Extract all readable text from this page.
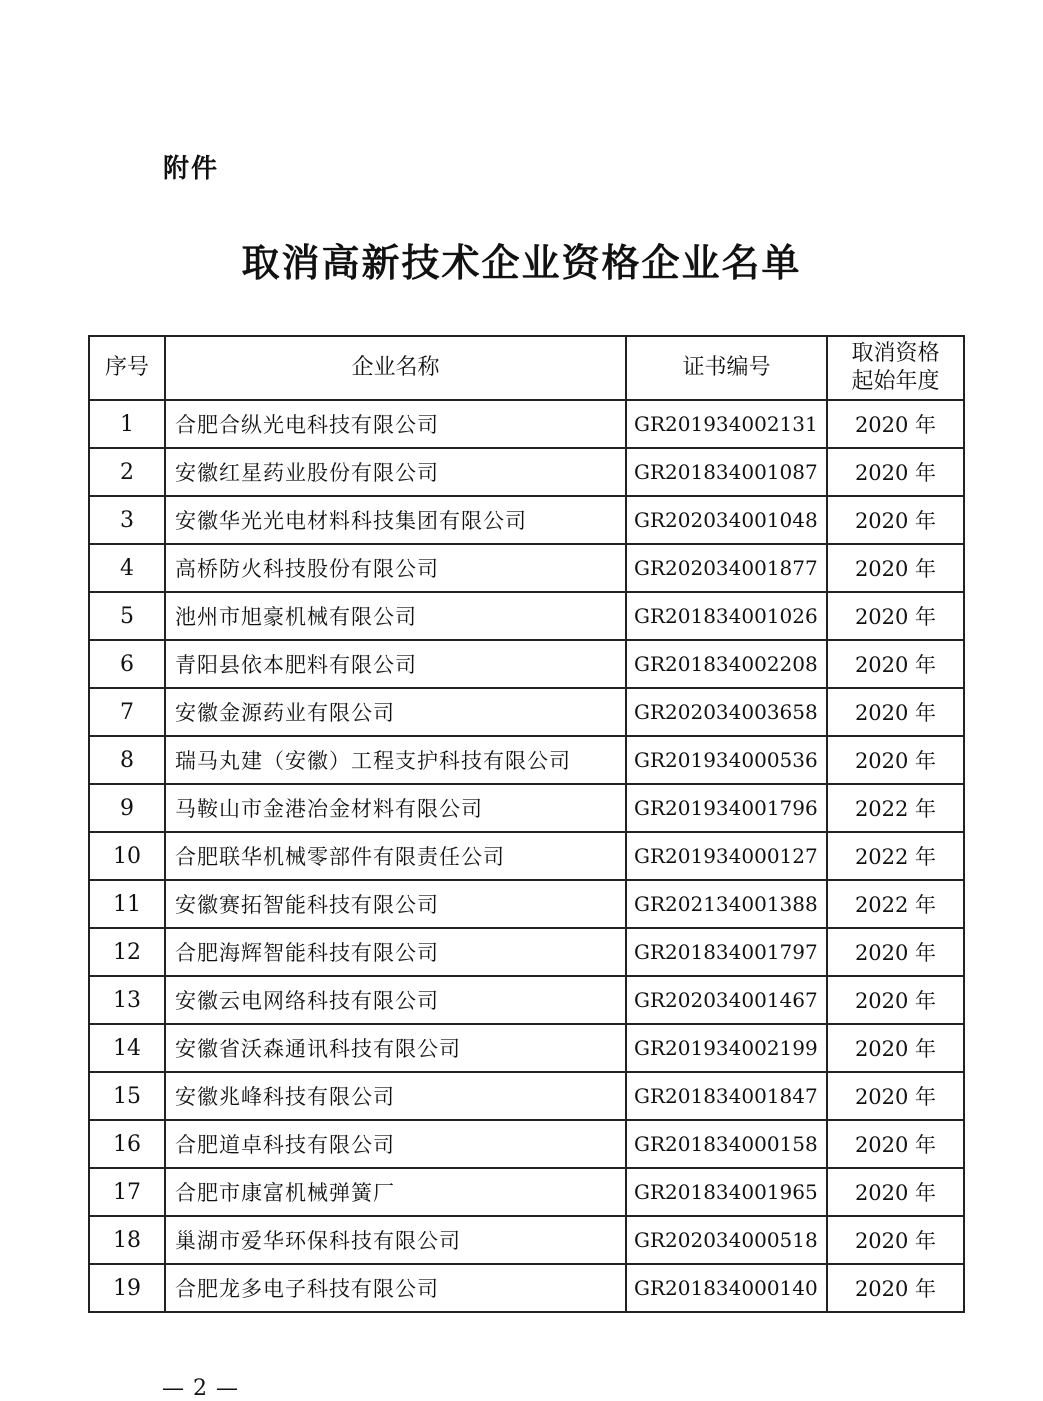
附件
取消高新技术企业资格企业名单
序号	企业名称	证书编号	取消资格
起始年度
1	合肥合纵光电科技有限公司	GR201934002131	2020 年
2	安徽红星药业股份有限公司	GR201834001087	2020 年
3	安徽华光光电材料科技集团有限公司	GR202034001048	2020 年
4	高桥防火科技股份有限公司	GR202034001877	2020 年
5	池州市旭豪机械有限公司	GR201834001026	2020 年
6	青阳县依本肥料有限公司	GR201834002208	2020 年
7	安徽金源药业有限公司	GR202034003658	2020 年
8	瑞马丸建（安徽）工程支护科技有限公司	GR201934000536	2020 年
9	马鞍山市金港冶金材料有限公司	GR201934001796	2022 年
10	合肥联华机械零部件有限责任公司	GR201934000127	2022 年
11	安徽赛拓智能科技有限公司	GR202134001388	2022 年
12	合肥海辉智能科技有限公司	GR201834001797	2020 年
13	安徽云电网络科技有限公司	GR202034001467	2020 年
14	安徽省沃森通讯科技有限公司	GR201934002199	2020 年
15	安徽兆峰科技有限公司	GR201834001847	2020 年
16	合肥道卓科技有限公司	GR201834000158	2020 年
17	合肥市康富机械弹簧厂	GR201834001965	2020 年
18	巢湖市爱华环保科技有限公司	GR202034000518	2020 年
19	合肥龙多电子科技有限公司	GR201834000140	2020 年
— 2 —
